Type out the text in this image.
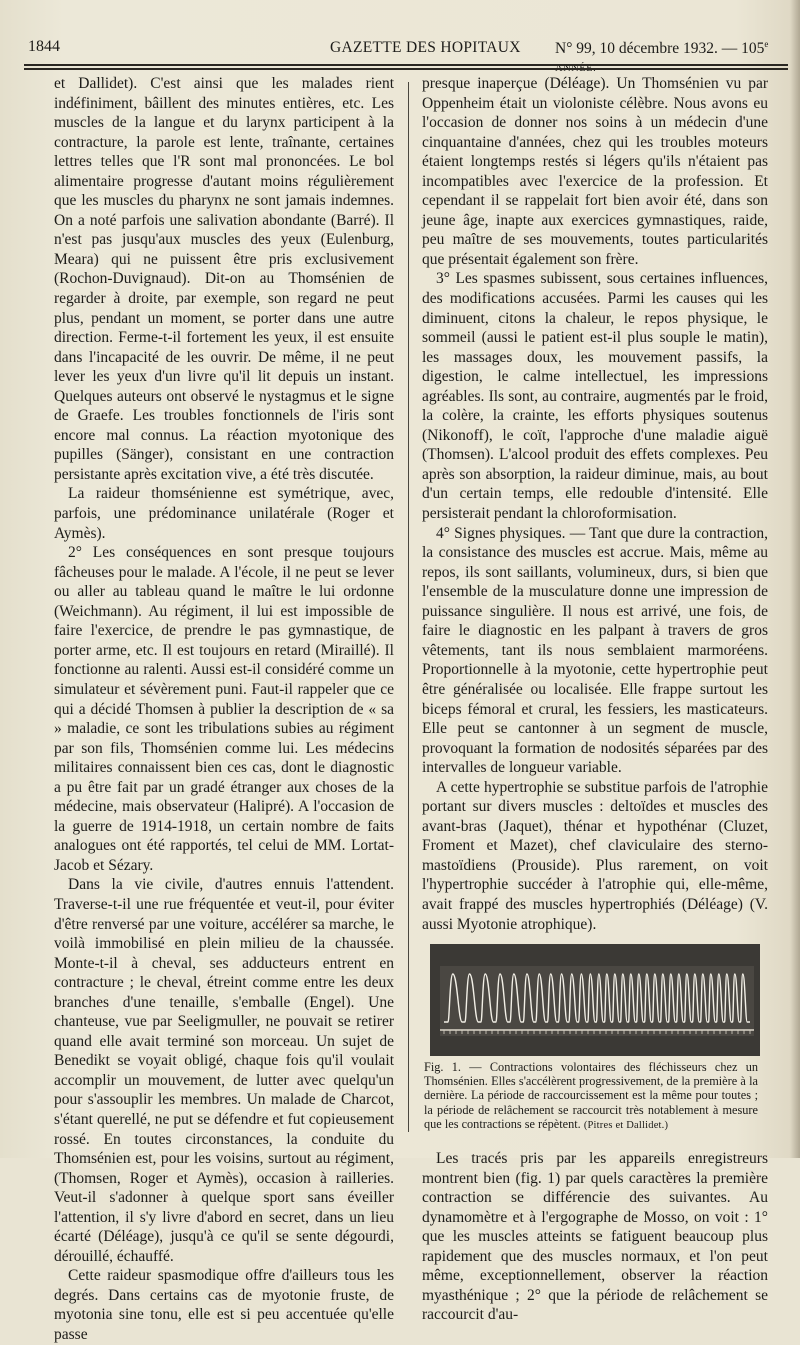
1844	GAZETTE DES HOPITAUX N° 99, 10 décembre 1932. — 105e

et Dallidet). C'est ainsi que les malades rient indéfiniment, bâillent des minutes entières, etc. Les muscles de la langue et du larynx participent à la contracture, la parole est lente, traînante, certaines lettres telles que l'R sont mal prononcées. Le bol alimentaire progresse d'autant moins régulièrement que les muscles du pharynx ne sont jamais indemnes. On a noté parfois une salivation abondante (Barré). Il n'est pas jusqu'aux muscles des yeux (Eulenburg, Meara) qui ne puissent être pris exclusivement (Rochon-Duvignaud). Dit-on au Thomsénien de regarder à droite, par exemple, son regard ne peut plus, pendant un moment, se porter dans une autre direction. Ferme-t-il fortement les yeux, il est ensuite dans l'incapacité de les ouvrir. De même, il ne peut lever les yeux d'un livre qu'il lit depuis un instant. Quelques auteurs ont observé le nystagmus et le signe de Graefe. Les troubles fonctionnels de l'iris sont encore mal connus. La réaction myotonique des pupilles (Sänger), consistant en une contraction persistante après excitation vive, a été très discutée.

La raideur thomsénienne est symétrique, avec, parfois, une prédominance unilatérale (Roger et Aymès).

2° Les conséquences en sont presque toujours fâcheuses pour le malade. A l'école, il ne peut se lever ou aller au tableau quand le maître le lui ordonne (Weichmann). Au régiment, il lui est impossible de faire l'exercice, de prendre le pas gymnastique, de porter arme, etc. Il est toujours en retard (Miraillé). Il fonctionne au ralenti. Aussi est-il considéré comme un simulateur et sévèrement puni. Faut-il rappeler que ce qui a décidé Thomsen à publier la description de « sa » maladie, ce sont les tribulations subies au régiment par son fils, Thomsénien comme lui. Les médecins militaires connaissent bien ces cas, dont le diagnostic a pu être fait par un gradé étranger aux choses de la médecine, mais observateur (Halipré). A l'occasion de la guerre de 1914-1918, un certain nombre de faits analogues ont été rapportés, tel celui de MM. Lortat-Jacob et Sézary.

Dans la vie civile, d'autres ennuis l'attendent. Traverse-t-il une rue fréquentée et veut-il, pour éviter d'être renversé par une voiture, accélérer sa marche, le voilà immobilisé en plein milieu de la chaussée. Monte-t-il à cheval, ses adducteurs entrent en contracture ; le cheval, étreint comme entre les deux branches d'une tenaille, s'emballe (Engel). Une chanteuse, vue par Seeligmuller, ne pouvait se retirer quand elle avait terminé son morceau. Un sujet de Benedikt se voyait obligé, chaque fois qu'il voulait accomplir un mouvement, de lutter avec quelqu'un pour s'assouplir les membres. Un malade de Charcot, s'étant querellé, ne put se défendre et fut copieusement rossé. En toutes circonstances, la conduite du Thomsénien est, pour les voisins, surtout au régiment, (Thomsen, Roger et Aymès), occasion à railleries. Veut-il s'adonner à quelque sport sans éveiller l'attention, il s'y livre d'abord en secret, dans un lieu écarté (Déléage), jusqu'à ce qu'il se sente dégourdi, dérouillé, échauffé.

Cette raideur spasmodique offre d'ailleurs tous les degrés. Dans certains cas de myotonie fruste, de myotonia sine tonu, elle est si peu accentuée qu'elle passe

presque inaperçue (Déléage). Un Thomsénien vu par Oppenheim était un violoniste célèbre. Nous avons eu l'occasion de donner nos soins à un médecin d'une cinquantaine d'années, chez qui les troubles moteurs étaient longtemps restés si légers qu'ils n'étaient pas incompatibles avec l'exercice de la profession. Et cependant il se rappelait fort bien avoir été, dans son jeune âge, inapte aux exercices gymnastiques, raide, peu maître de ses mouvements, toutes particularités que présentait également son frère.

3° Les spasmes subissent, sous certaines influences, des modifications accusées. Parmi les causes qui les diminuent, citons la chaleur, le repos physique, le sommeil (aussi le patient est-il plus souple le matin), les massages doux, les mouvement passifs, la digestion, le calme intellectuel, les impressions agréables. Ils sont, au contraire, augmentés par le froid, la colère, la crainte, les efforts physiques soutenus (Nikonoff), le coït, l'approche d'une maladie aiguë (Thomsen). L'alcool produit des effets complexes. Peu après son absorption, la raideur diminue, mais, au bout d'un certain temps, elle redouble d'intensité. Elle persisterait pendant la chloroformisation.

4° Signes physiques. — Tant que dure la contraction, la consistance des muscles est accrue. Mais, même au repos, ils sont saillants, volumineux, durs, si bien que l'ensemble de la musculature donne une impression de puissance singulière. Il nous est arrivé, une fois, de faire le diagnostic en les palpant à travers de gros vêtements, tant ils nous semblaient marmoréens. Proportionnelle à la myotonie, cette hypertrophie peut être généralisée ou localisée. Elle frappe surtout les biceps fémoral et crural, les fessiers, les masticateurs. Elle peut se cantonner à un segment de muscle, provoquant la formation de nodosités séparées par des intervalles de longueur variable.

A cette hypertrophie se substitue parfois de l'atrophie portant sur divers muscles : deltoïdes et muscles des avant-bras (Jaquet), thénar et hypothénar (Cluzet, Froment et Mazet), chef claviculaire des sterno-mastoïdiens (Prouside). Plus rarement, on voit l'hypertrophie succéder à l'atrophie qui, elle-même, avait frappé des muscles hypertrophiés (Déléage) (V. aussi Myotonie atrophique).

Fig. 1. — Contractions volontaires des fléchisseurs chez un Thomsénien. Elles s'accélèrent progressivement, de la première à la dernière. La période de raccourcissement est la même pour toutes ; la période de relâchement se raccourcit très notablement à mesure que les contractions se répètent. (Pitres et Dallidet.)

Les tracés pris par les appareils enregistreurs montrent bien (fig. 1) par quels caractères la première contraction se différencie des suivantes. Au dynamomètre et à l'ergographe de Mosso, on voit : 1° que les muscles atteints se fatiguent beaucoup plus rapidement que des muscles normaux, et l'on peut même, exceptionnellement, observer la réaction myasthénique ; 2° que la période de relâchement se raccourcit d'au-
